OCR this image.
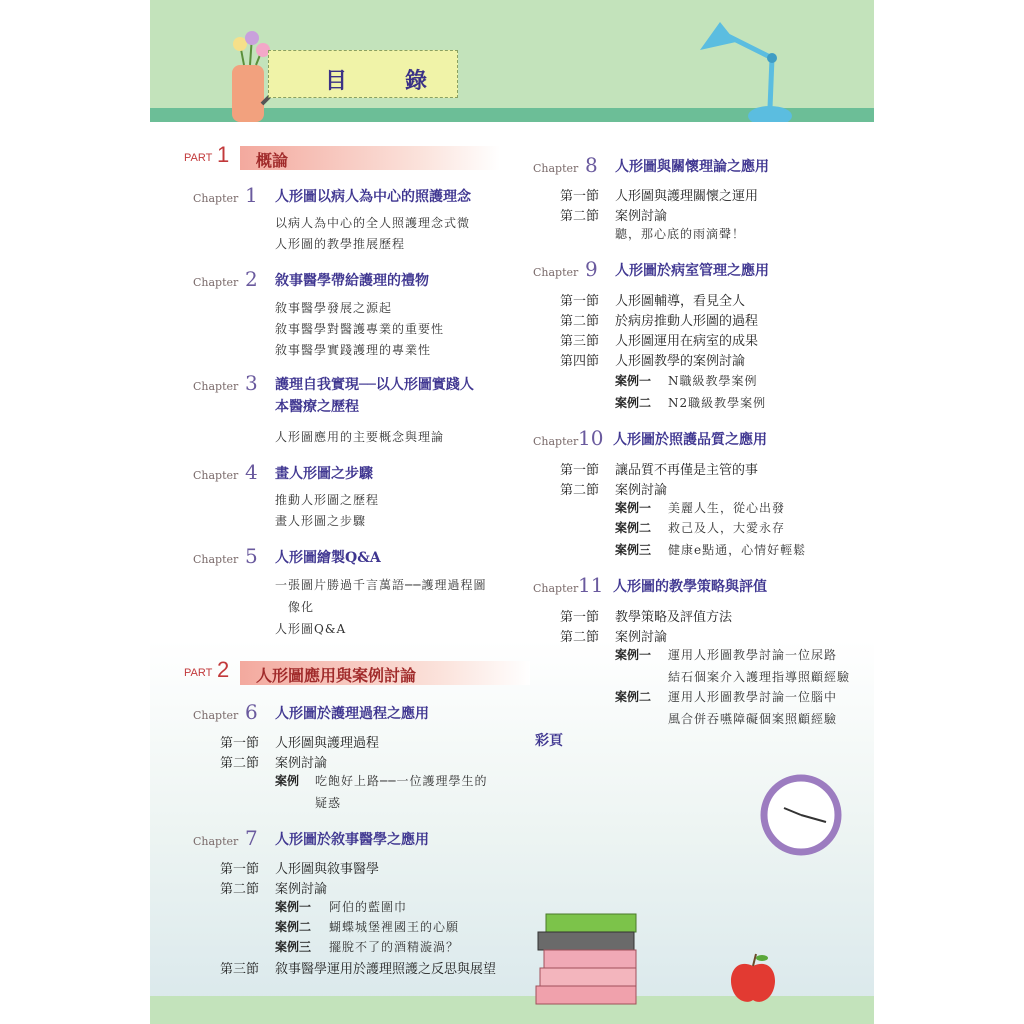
目　錄
PART 1 概論
Chapter 1 人形圖以病人為中心的照護理念
以病人為中心的全人照護理念式微
人形圖的教學推展歷程
Chapter 2 敘事醫學帶給護理的禮物
敘事醫學發展之源起
敘事醫學對醫護專業的重要性
敘事醫學實踐護理的專業性
Chapter 3 護理自我實現──以人形圖實踐人
本醫療之歷程
人形圖應用的主要概念與理論
Chapter 4 畫人形圖之步驟
推動人形圖之歷程
畫人形圖之步驟
Chapter 5 人形圖繪製Q&A
一張圖片勝過千言萬語──護理過程圖
像化
人形圖Q&A
PART 2 人形圖應用與案例討論
Chapter 6 人形圖於護理過程之應用
第一節 人形圖與護理過程
第二節 案例討論
案例 吃飽好上路──一位護理學生的
疑惑
Chapter 7 人形圖於敘事醫學之應用
第一節 人形圖與敘事醫學
第二節 案例討論
案例一 阿伯的藍圍巾
案例二 蝴蝶城堡裡國王的心願
案例三 擺脫不了的酒精漩渦？
第三節 敘事醫學運用於護理照護之反思與展望
Chapter 8 人形圖與關懷理論之應用
第一節 人形圖與護理關懷之運用
第二節 案例討論
聽，那心底的雨滴聲！
Chapter 9 人形圖於病室管理之應用
第一節 人形圖輔導，看見全人
第二節 於病房推動人形圖的過程
第三節 人形圖運用在病室的成果
第四節 人形圖教學的案例討論
案例一 N職級教學案例
案例二 N2職級教學案例
Chapter 10 人形圖於照護品質之應用
第一節 讓品質不再僅是主管的事
第二節 案例討論
案例一 美麗人生，從心出發
案例二 救己及人，大愛永存
案例三 健康e點通，心情好輕鬆
Chapter 11 人形圖的教學策略與評值
第一節 教學策略及評值方法
第二節 案例討論
案例一 運用人形圖教學討論一位尿路
結石個案介入護理指導照顧經驗
案例二 運用人形圖教學討論一位腦中
風合併吞嚥障礙個案照顧經驗
彩頁
